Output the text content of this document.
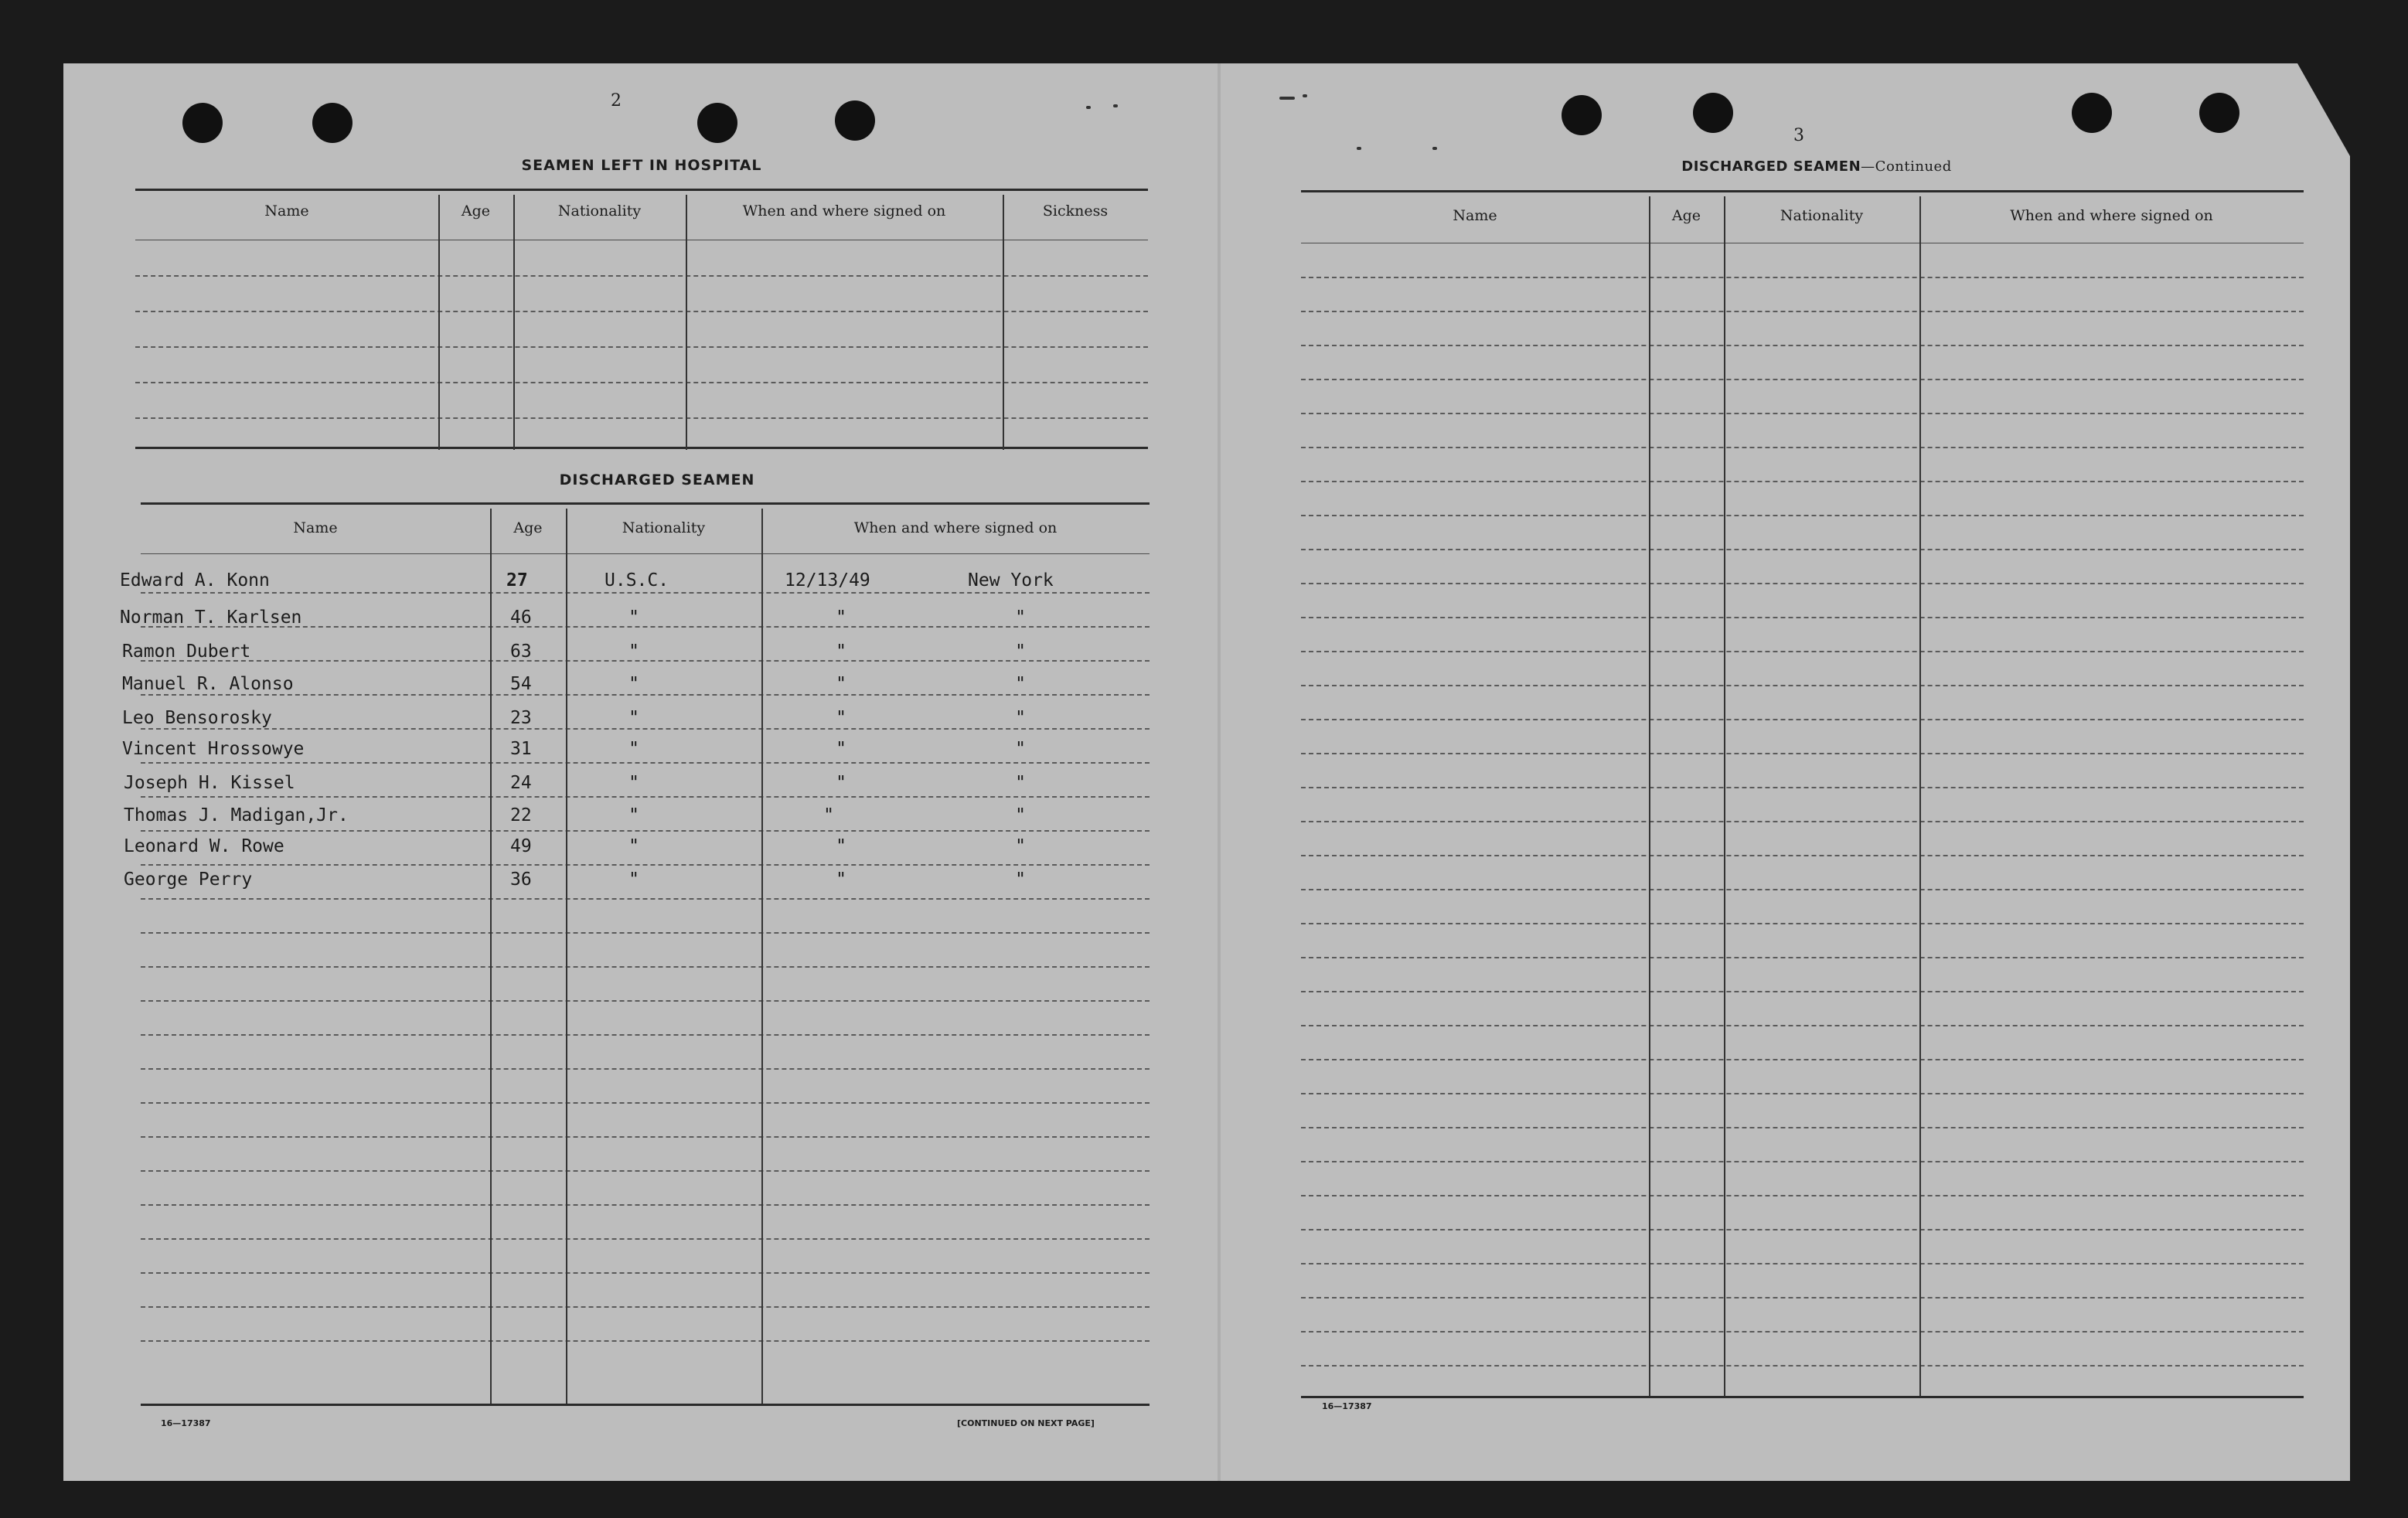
2
SEAMEN LEFT IN HOSPITAL
Name	Age	Nationality	When and where signed on	Sickness
DISCHARGED SEAMEN
Name	Age	Nationality	When and where signed on
Edward A. Konn	27	U.S.C.	12/13/49	New York
Norman T. Karlsen	46	"	"	"
Ramon Dubert	63	"	"	"
Manuel R. Alonso	54	"	"	"
Leo Bensorosky	23	"	"	"
Vincent Hrossowye	31	"	"	"
Joseph H. Kissel	24	"	"	"
Thomas J. Madigan,Jr.	22	"	"	"
Leonard W. Rowe	49	"	"	"
George Perry	36	"	"	"
16—17387	[CONTINUED ON NEXT PAGE]
3
DISCHARGED SEAMEN—Continued
Name	Age	Nationality	When and where signed on
16—17387
